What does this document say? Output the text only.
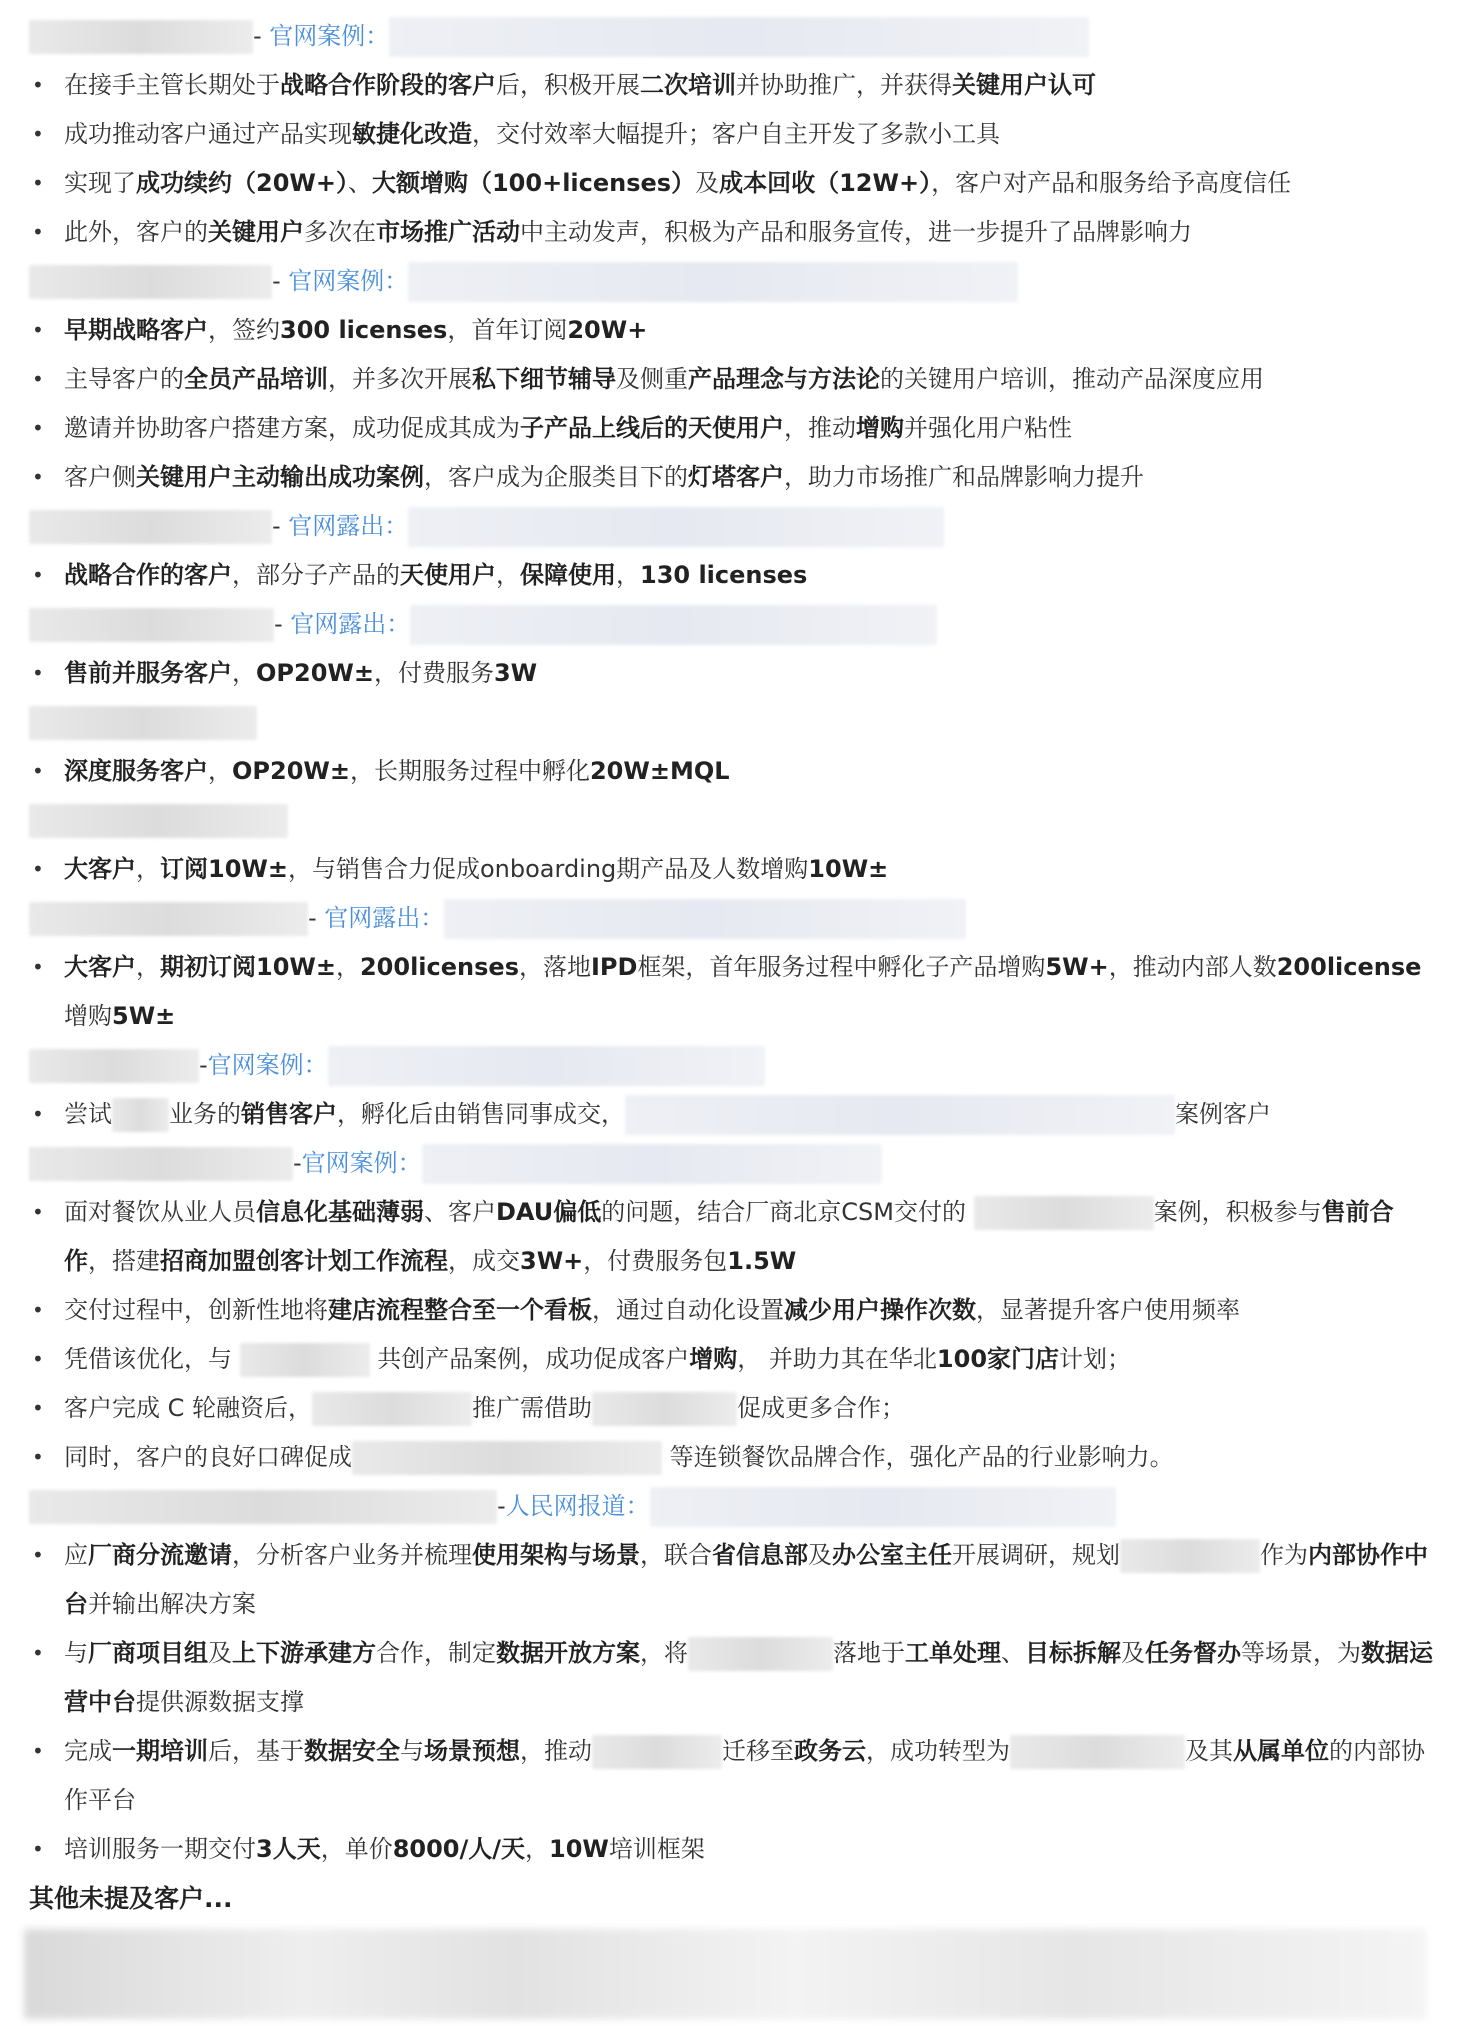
- 官网案例：
• 在接手主管长期处于战略合作阶段的客户后，积极开展二次培训并协助推广，并获得关键用户认可
• 成功推动客户通过产品实现敏捷化改造，交付效率大幅提升；客户自主开发了多款小工具
• 实现了成功续约（20W+）、大额增购（100+licenses）及成本回收（12W+），客户对产品和服务给予高度信任
• 此外，客户的关键用户多次在市场推广活动中主动发声，积极为产品和服务宣传，进一步提升了品牌影响力
- 官网案例：
• 早期战略客户，签约300 licenses，首年订阅20W+
• 主导客户的全员产品培训，并多次开展私下细节辅导及侧重产品理念与方法论的关键用户培训，推动产品深度应用
• 邀请并协助客户搭建方案，成功促成其成为子产品上线后的天使用户，推动增购并强化用户粘性
• 客户侧关键用户主动输出成功案例，客户成为企服类目下的灯塔客户，助力市场推广和品牌影响力提升
- 官网露出：
• 战略合作的客户，部分子产品的天使用户，保障使用，130 licenses
- 官网露出：
• 售前并服务客户，OP20W±，付费服务3W
• 深度服务客户，OP20W±，长期服务过程中孵化20W±MQL
• 大客户，订阅10W±，与销售合力促成onboarding期产品及人数增购10W±
- 官网露出：
• 大客户，期初订阅10W±，200licenses，落地IPD框架，首年服务过程中孵化子产品增购5W+，推动内部人数200license增购5W±
-官网案例：
• 尝试 业务的销售客户，孵化后由销售同事成交，	案例客户
-官网案例：
• 面对餐饮从业人员信息化基础薄弱、客户DAU偏低的问题，结合厂商北京CSM交付的	案例，积极参与售前合作，搭建招商加盟创客计划工作流程，成交3W+，付费服务包1.5W
• 交付过程中，创新性地将建店流程整合至一个看板，通过自动化设置减少用户操作次数，显著提升客户使用频率
• 凭借该优化，与	共创产品案例，成功促成客户增购， 并助力其在华北100家门店计划；
• 客户完成 C 轮融资后，	推广需借助	促成更多合作；
• 同时，客户的良好口碑促成	等连锁餐饮品牌合作，强化产品的行业影响力。
-人民网报道：
• 应厂商分流邀请，分析客户业务并梳理使用架构与场景，联合省信息部及办公室主任开展调研，规划	作为内部协作中台并输出解决方案
• 与厂商项目组及上下游承建方合作，制定数据开放方案，将	落地于工单处理、目标拆解及任务督办等场景，为数据运营中台提供源数据支撑
• 完成一期培训后，基于数据安全与场景预想，推动	迁移至政务云，成功转型为	及其从属单位的内部协作平台
• 培训服务一期交付3人天，单价8000/人/天，10W培训框架
其他未提及客户...
